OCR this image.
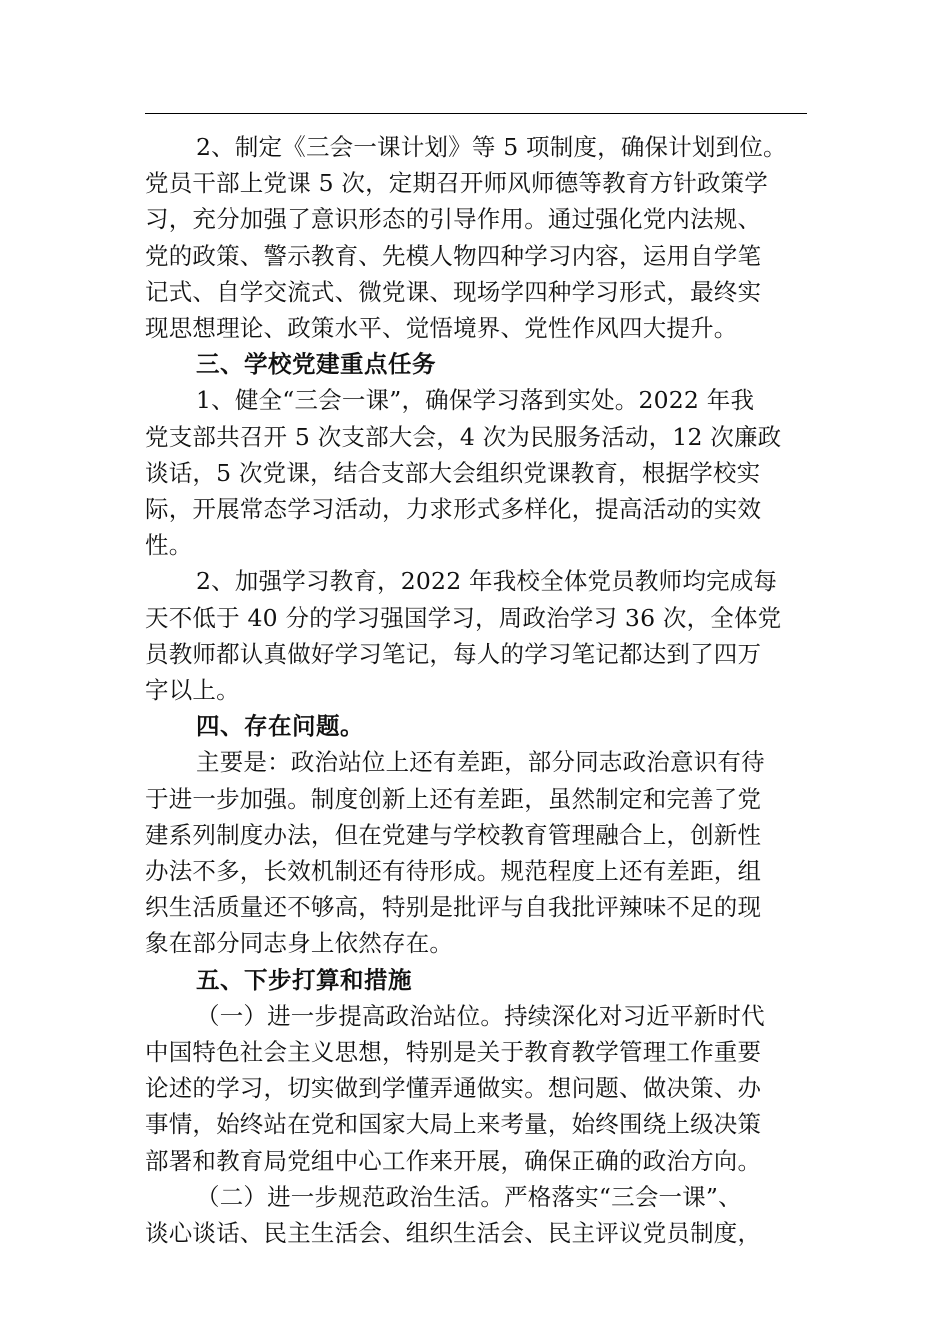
2、制定《三会一课计划》等 5 项制度，确保计划到位。
党员干部上党课 5 次，定期召开师风师德等教育方针政策学
习，充分加强了意识形态的引导作用。通过强化党内法规、
党的政策、警示教育、先模人物四种学习内容，运用自学笔
记式、自学交流式、微党课、现场学四种学习形式，最终实
现思想理论、政策水平、觉悟境界、党性作风四大提升。
三、学校党建重点任务
1、健全“三会一课”，确保学习落到实处。2022 年我
党支部共召开 5 次支部大会，4 次为民服务活动，12 次廉政
谈话，5 次党课，结合支部大会组织党课教育，根据学校实
际，开展常态学习活动，力求形式多样化，提高活动的实效
性。
2、加强学习教育，2022 年我校全体党员教师均完成每
天不低于 40 分的学习强国学习，周政治学习 36 次，全体党
员教师都认真做好学习笔记，每人的学习笔记都达到了四万
字以上。
四、存在问题。
主要是：政治站位上还有差距，部分同志政治意识有待
于进一步加强。制度创新上还有差距，虽然制定和完善了党
建系列制度办法，但在党建与学校教育管理融合上，创新性
办法不多，长效机制还有待形成。规范程度上还有差距，组
织生活质量还不够高，特别是批评与自我批评辣味不足的现
象在部分同志身上依然存在。
五、下步打算和措施
（一）进一步提高政治站位。持续深化对习近平新时代
中国特色社会主义思想，特别是关于教育教学管理工作重要
论述的学习，切实做到学懂弄通做实。想问题、做决策、办
事情，始终站在党和国家大局上来考量，始终围绕上级决策
部署和教育局党组中心工作来开展，确保正确的政治方向。
（二）进一步规范政治生活。严格落实“三会一课”、
谈心谈话、民主生活会、组织生活会、民主评议党员制度，
